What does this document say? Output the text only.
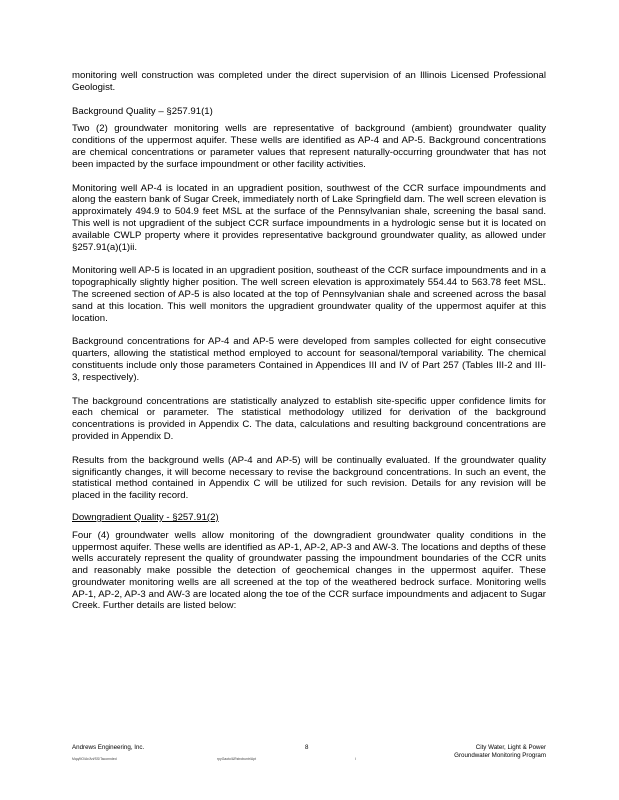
monitoring well construction was completed under the direct supervision of an Illinois Licensed Professional Geologist.

Background Quality – §257.91(1)

Two (2) groundwater monitoring wells are representative of background (ambient) groundwater quality conditions of the uppermost aquifer. These wells are identified as AP-4 and AP-5. Background concentrations are chemical concentrations or parameter values that represent naturally-occurring groundwater that has not been impacted by the surface impoundment or other facility activities.

Monitoring well AP-4 is located in an upgradient position, southwest of the CCR surface impoundments and along the eastern bank of Sugar Creek, immediately north of Lake Springfield dam. The well screen elevation is approximately 494.9 to 504.9 feet MSL at the surface of the Pennsylvanian shale, screening the basal sand. This well is not upgradient of the subject CCR surface impoundments in a hydrologic sense but it is located on available CWLP property where it provides representative background groundwater quality, as allowed under §257.91(a)(1)ii.

Monitoring well AP-5 is located in an upgradient position, southeast of the CCR surface impoundments and in a topographically slightly higher position. The well screen elevation is approximately 554.44 to 563.78 feet MSL. The screened section of AP-5 is also located at the top of Pennsylvanian shale and screened across the basal sand at this location. This well monitors the upgradient groundwater quality of the uppermost aquifer at this location.

Background concentrations for AP-4 and AP-5 were developed from samples collected for eight consecutive quarters, allowing the statistical method employed to account for seasonal/temporal variability. The chemical constituents include only those parameters Contained in Appendices III and IV of Part 257 (Tables III-2 and III-3, respectively).

The background concentrations are statistically analyzed to establish site-specific upper confidence limits for each chemical or parameter. The statistical methodology utilized for derivation of the background concentrations is provided in Appendix C. The data, calculations and resulting background concentrations are provided in Appendix D.

Results from the background wells (AP-4 and AP-5) will be continually evaluated. If the groundwater quality significantly changes, it will become necessary to revise the background concentrations. In such an event, the statistical method contained in Appendix C will be utilized for such revision. Details for any revision will be placed in the facility record.

Downgradient Quality - §257.91(2)

Four (4) groundwater wells allow monitoring of the downgradient groundwater quality conditions in the uppermost aquifer. These wells are identified as AP-1, AP-2, AP-3 and AW-3. The locations and depths of these wells accurately represent the quality of groundwater passing the impoundment boundaries of the CCR units and reasonably make possible the detection of geochemical changes in the uppermost aquifer. These groundwater monitoring wells are all screened at the top of the weathered bedrock surface. Monitoring wells AP-1, AP-2, AP-3 and AW-3 are located along the toe of the CCR surface impoundments and adjacent to Sugar Creek. Further details are listed below:

Andrews Engineering, Inc.	8	City Water, Light & Power
Groundwater Monitoring Program
Mqq/IIO/Ar/Art/SS/Taconnded	rpyGaoto/&Rstrobuntr/Apt	I
